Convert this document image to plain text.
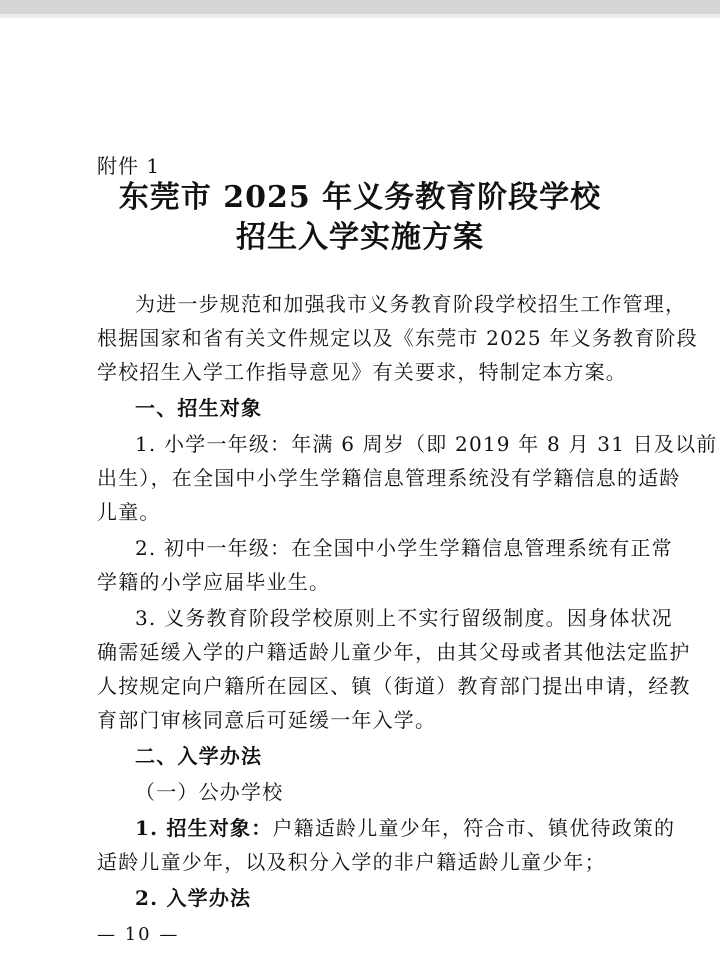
附件 1
东莞市 2025 年义务教育阶段学校
招生入学实施方案
为进一步规范和加强我市义务教育阶段学校招生工作管理，
根据国家和省有关文件规定以及《东莞市 2025 年义务教育阶段
学校招生入学工作指导意见》有关要求，特制定本方案。
一、招生对象
1. 小学一年级：年满 6 周岁（即 2019 年 8 月 31 日及以前
出生），在全国中小学生学籍信息管理系统没有学籍信息的适龄
儿童。
2. 初中一年级：在全国中小学生学籍信息管理系统有正常
学籍的小学应届毕业生。
3. 义务教育阶段学校原则上不实行留级制度。因身体状况
确需延缓入学的户籍适龄儿童少年，由其父母或者其他法定监护
人按规定向户籍所在园区、镇（街道）教育部门提出申请，经教
育部门审核同意后可延缓一年入学。
二、入学办法
（一）公办学校
1. 招生对象：户籍适龄儿童少年，符合市、镇优待政策的
适龄儿童少年，以及积分入学的非户籍适龄儿童少年；
2. 入学办法
— 10 —
